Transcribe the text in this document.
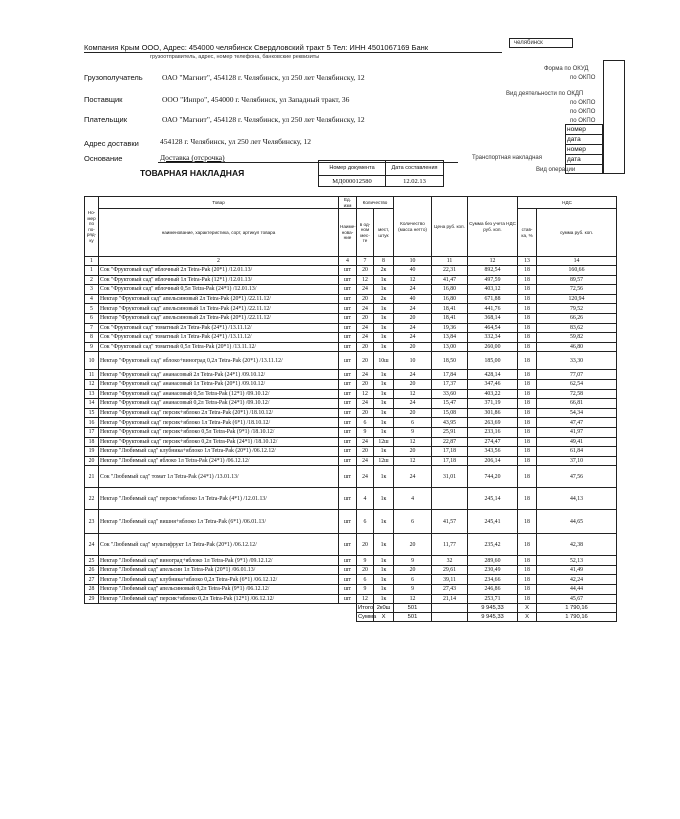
Компания Крым ООО, Адрес: 454000 челябинск Свердловский тракт 5 Тел: ИНН 4501067169 Банк
грузоотправитель, адрес, номер телефона, банковские реквизиты
челябинск
Форма по ОКУД
по ОКПО
Вид деятельности по ОКДП
по ОКПО
по ОКПО
по ОКПО
номер
дата
номер
дата
Транспортная накладная
Вид операции
Грузополучатель	ОАО "Магнит", 454128 г. Челябинск, ул 250 лет Челябинску, 12
Поставщик	ООО "Инпро", 454000 г. Челябинск, ул Западный тракт, 36
Плательщик	ОАО "Магнит", 454128 г. Челябинск, ул 250 лет Челябинску, 12
Адрес доставки	454128 г. Челябинск, ул 250 лет Челябинску, 12
Основание	Доставка (отсрочка)
ТОВАРНАЯ НАКЛАДНАЯ
Номер документа	Дата составления
МД000012580	12.02.13
Но-мер по по-ряд-ку	Товар	Ед. изм	Количество		Количество (масса нетто)	Цена руб. коп.	Сумма без учета НДС руб. коп.	НДС	
	наименование, характеристика, сорт, артикул товара	Наиме-нова-ние	в од-ном мес-те	мест, штук				став-ка, %	сумма руб. коп.
1	2	4	7	8	10	11	12	13	14
1	Сок "Фруктовый сад" яблочный 2л Tetra-Pak (20*1) /12.01.13/	шт	20	2к	40	22,31	892,54	18	160,66
2	Сок "Фруктовый сад" яблочный 1л Tetra-Pak (12*1) /12.01.13/	шт	12	1к	12	41,47	497,59	18	89,57
3	Сок "Фруктовый сад" яблочный 0,5л Tetra-Pak (24*1) /12.01.13/	шт	24	1к	24	16,80	403,12	18	72,56
4	Нектар "Фруктовый сад" апельсиновый 2л Tetra-Pak (20*1) /22.11.12/	шт	20	2к	40	16,80	671,88	18	120,94
5	Нектар "Фруктовый сад" апельсиновый 1л Tetra-Pak (24*1) /22.11.12/	шт	24	1к	24	18,41	441,76	18	79,52
6	Нектар "Фруктовый сад" апельсиновый 2л Tetra-Pak (20*1) /22.11.12/	шт	20	1к	20	18,41	368,14	18	66,26
7	Сок "Фруктовый сад" томатный 2л Tetra-Pak (24*1) /13.11.12/	шт	24	1к	24	19,36	464,54	18	83,62
8	Сок "Фруктовый сад" томатный 1л Tetra-Pak (24*1) /13.11.12/	шт	24	1к	24	13,84	332,34	18	59,82
9	Сок "Фруктовый сад" томатный 0,5л Tetra-Pak (20*1) /13.11.12/	шт	20	1к	20	13,00	260,00	18	46,80
10	Нектар "Фруктовый сад" яблоко+виноград 0,2л Tetra-Pak (20*1) /13.11.12/	шт	20	10ш	10	18,50	185,00	18	33,30
11	Нектар "Фруктовый сад" ананасовый 2л Tetra-Pak (24*1) /09.10.12/	шт	24	1к	24	17,84	428,14	18	77,07
12	Нектар "Фруктовый сад" ананасовый 1л Tetra-Pak (20*1) /09.10.12/	шт	20	1к	20	17,37	347,46	18	62,54
13	Нектар "Фруктовый сад" ананасовый 0,5л Tetra-Pak (12*1) /09.10.12/	шт	12	1к	12	33,60	403,22	18	72,58
14	Нектар "Фруктовый сад" ананасовый 0,2л Tetra-Pak (24*1) /09.10.12/	шт	24	1к	24	15,47	371,19	18	66,81
15	Нектар "Фруктовый сад" персик+яблоко 2л Tetra-Pak (20*1) /18.10.12/	шт	20	1к	20	15,08	301,86	18	54,34
16	Нектар "Фруктовый сад" персик+яблоко 1л Tetra-Pak (6*1) /18.10.12/	шт	6	1к	6	43,95	263,69	18	47,47
17	Нектар "Фруктовый сад" персик+яблоко 0,5л Tetra-Pak (9*1) /18.10.12/	шт	9	1к	9	25,91	233,16	18	41,97
18	Нектар "Фруктовый сад" персик+яблоко 0,2л Tetra-Pak (24*1) /18.10.12/	шт	24	12ш	12	22,87	274,47	18	49,41
19	Нектар "Любимый сад" клубника+яблоко 1л Tetra-Pak (20*1) /06.12.12/	шт	20	1к	20	17,18	343,56	18	61,84
20	Нектар "Любимый сад" яблоко 1л Tetra-Pak (24*1) /06.12.12/	шт	24	12ш	12	17,18	206,14	18	37,10
21	Сок "Любимый сад" томат 1л Tetra-Pak (24*1) /13.01.13/	шт	24	1к	24	31,01	744,20	18	47,56
22	Нектар "Любимый сад" персик+яблоко 1л Tetra-Pak (4*1) /12.01.13/	шт	4	1к	4		245,14	18	44,13
23	Нектар "Любимый сад" вишня+яблоко 1л Tetra-Pak (6*1) /06.01.13/	шт	6	1к	6	41,57	245,41	18	44,65
24	Сок "Любимый сад" мультифрукт 1л Tetra-Pak (20*1) /06.12.12/	шт	20	1к	20	11,77	235,42	18	42,38
25	Нектар "Любимый сад" виноград+яблоко 1л Tetra-Pak (9*1) /09.12.12/	шт	9	1к	9	32	289,60	18	52,13
26	Нектар "Любимый сад" апельсин 1л Tetra-Pak (20*1) /06.01.13/	шт	20	1к	20	29,61	230,49	18	41,49
27	Нектар "Любимый сад" клубника+яблоко 0,2л Tetra-Pak (6*1) /06.12.12/	шт	6	1к	6	39,11	234,66	18	42,24
28	Нектар "Любимый сад" апельсиновый 0,2л Tetra-Pak (9*1) /06.12.12/	шт	9	1к	9	27,43	246,86	18	44,44
29	Нектар "Любимый сад" персик+яблоко 0,2л Tetra-Pak (12*1) /06.12.12/	шт	12	1к	12	21,14	253,71	18	45,67
			Итого	2к0ш	501		9 945,33	X	1 790,16
			Сумма	X	501		9 945,33	X	1 790,16
